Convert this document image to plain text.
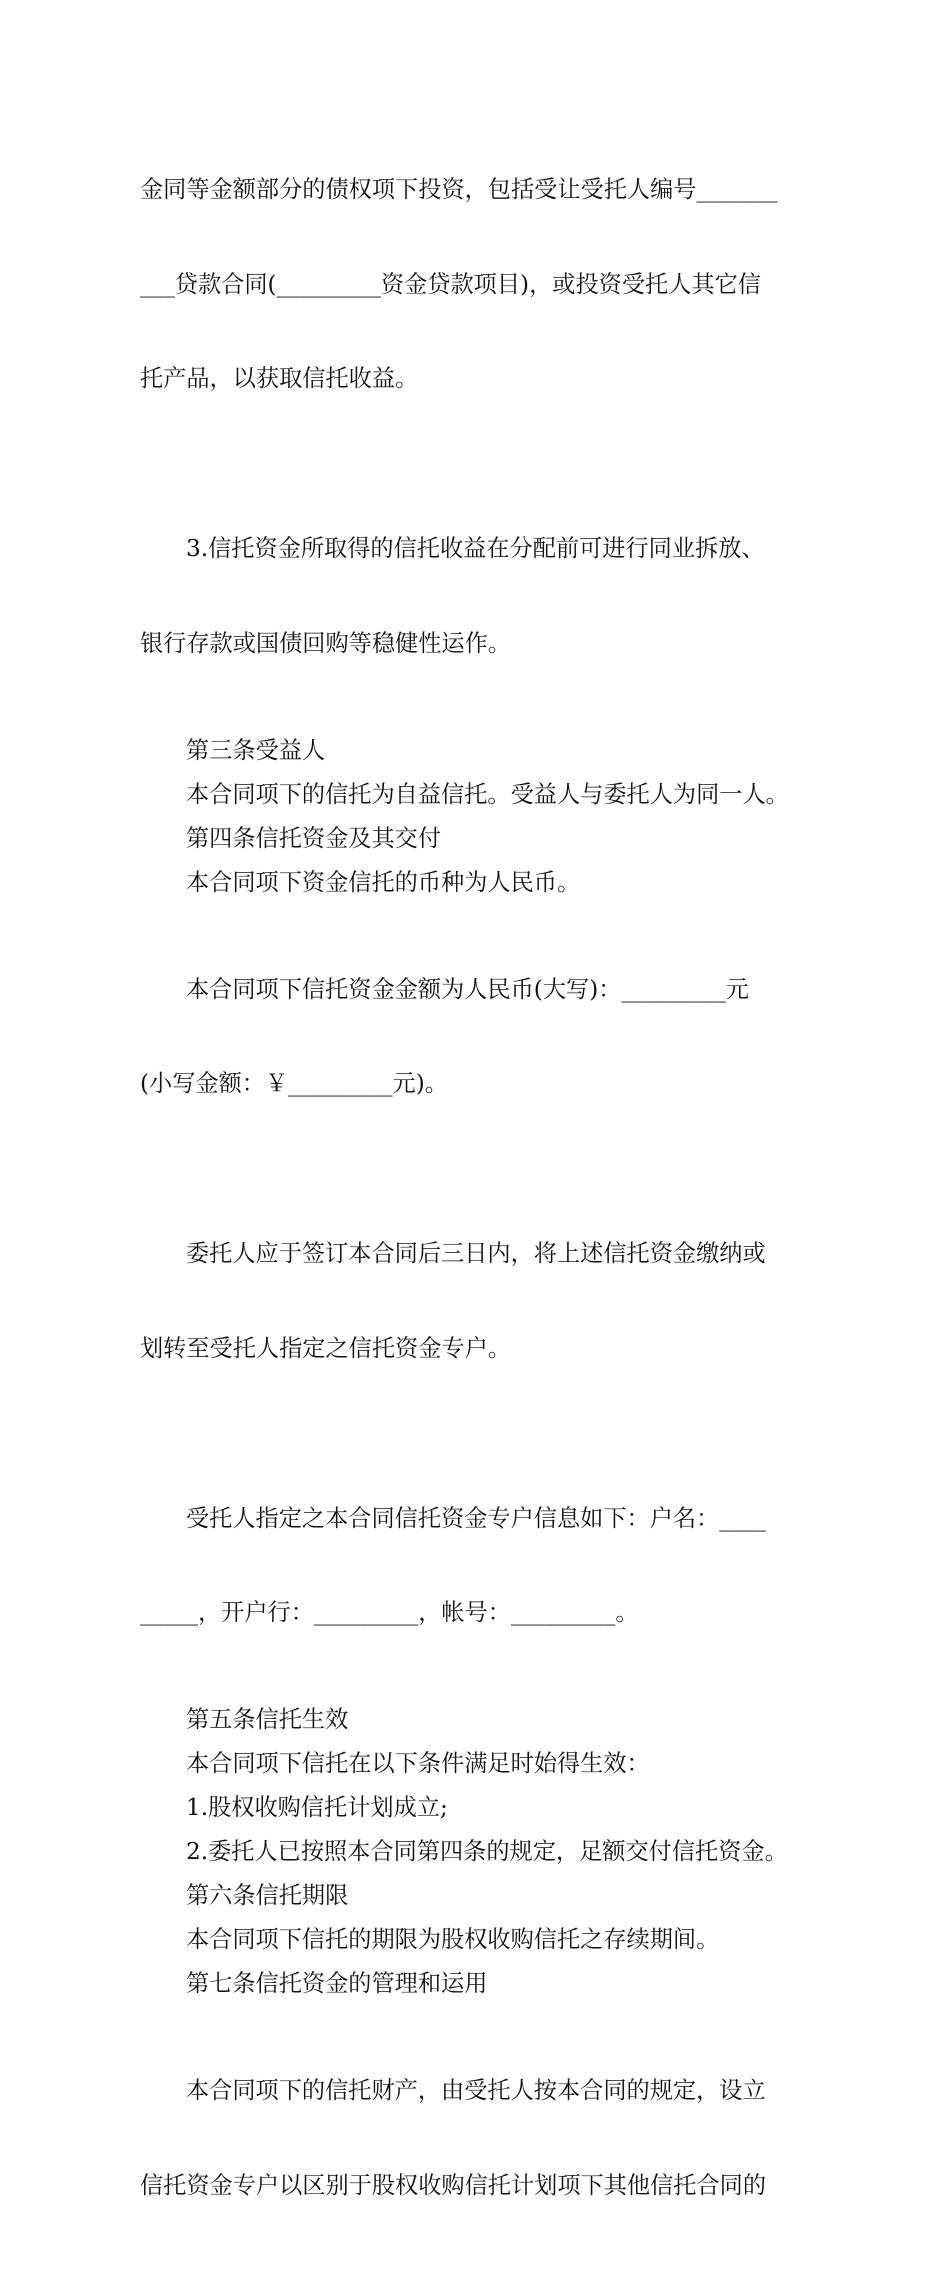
金同等金额部分的债权项下投资，包括受让受托人编号_______

___贷款合同(_________资金贷款项目)，或投资受托人其它信

托产品，以获取信托收益。

3.信托资金所取得的信托收益在分配前可进行同业拆放、

银行存款或国债回购等稳健性运作。

第三条受益人

本合同项下的信托为自益信托。受益人与委托人为同一人。

第四条信托资金及其交付

本合同项下资金信托的币种为人民币。

本合同项下信托资金金额为人民币(大写)：_________元

(小写金额：￥_________元)。

委托人应于签订本合同后三日内，将上述信托资金缴纳或

划转至受托人指定之信托资金专户。

受托人指定之本合同信托资金专户信息如下：户名：____

_____，开户行：_________，帐号：_________。

第五条信托生效

本合同项下信托在以下条件满足时始得生效：

1.股权收购信托计划成立;

2.委托人已按照本合同第四条的规定，足额交付信托资金。

第六条信托期限

本合同项下信托的期限为股权收购信托之存续期间。

第七条信托资金的管理和运用

本合同项下的信托财产，由受托人按本合同的规定，设立

信托资金专户以区别于股权收购信托计划项下其他信托合同的
